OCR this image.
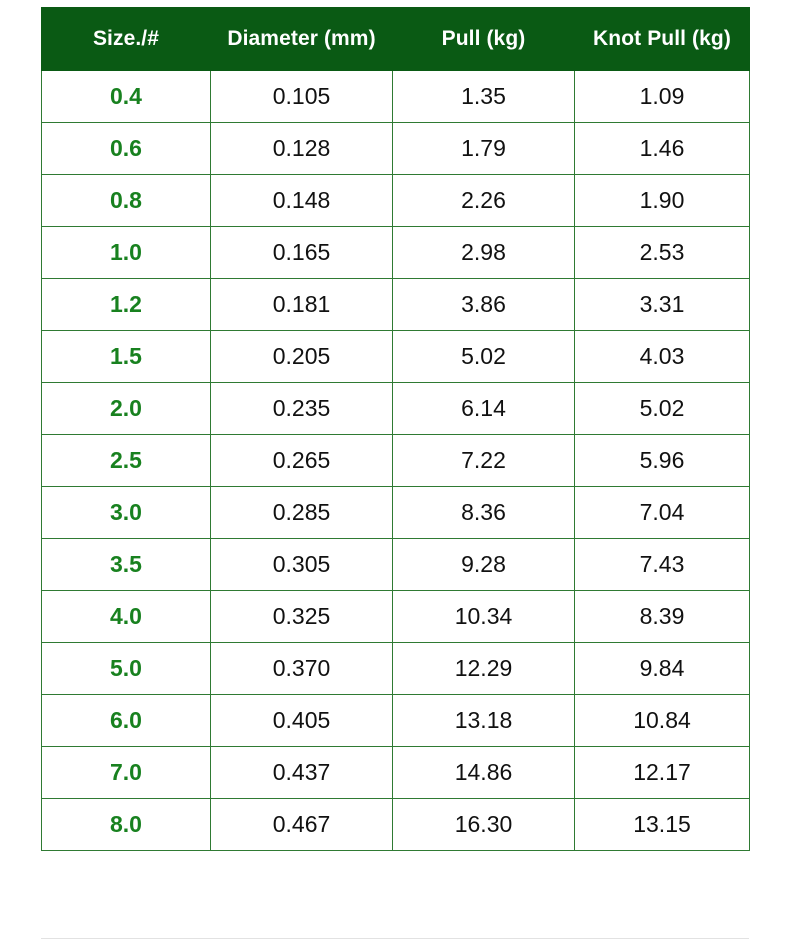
Size./#	Diameter (mm)	Pull (kg)	Knot Pull (kg)
0.4	0.105	1.35	1.09
0.6	0.128	1.79	1.46
0.8	0.148	2.26	1.90
1.0	0.165	2.98	2.53
1.2	0.181	3.86	3.31
1.5	0.205	5.02	4.03
2.0	0.235	6.14	5.02
2.5	0.265	7.22	5.96
3.0	0.285	8.36	7.04
3.5	0.305	9.28	7.43
4.0	0.325	10.34	8.39
5.0	0.370	12.29	9.84
6.0	0.405	13.18	10.84
7.0	0.437	14.86	12.17
8.0	0.467	16.30	13.15
